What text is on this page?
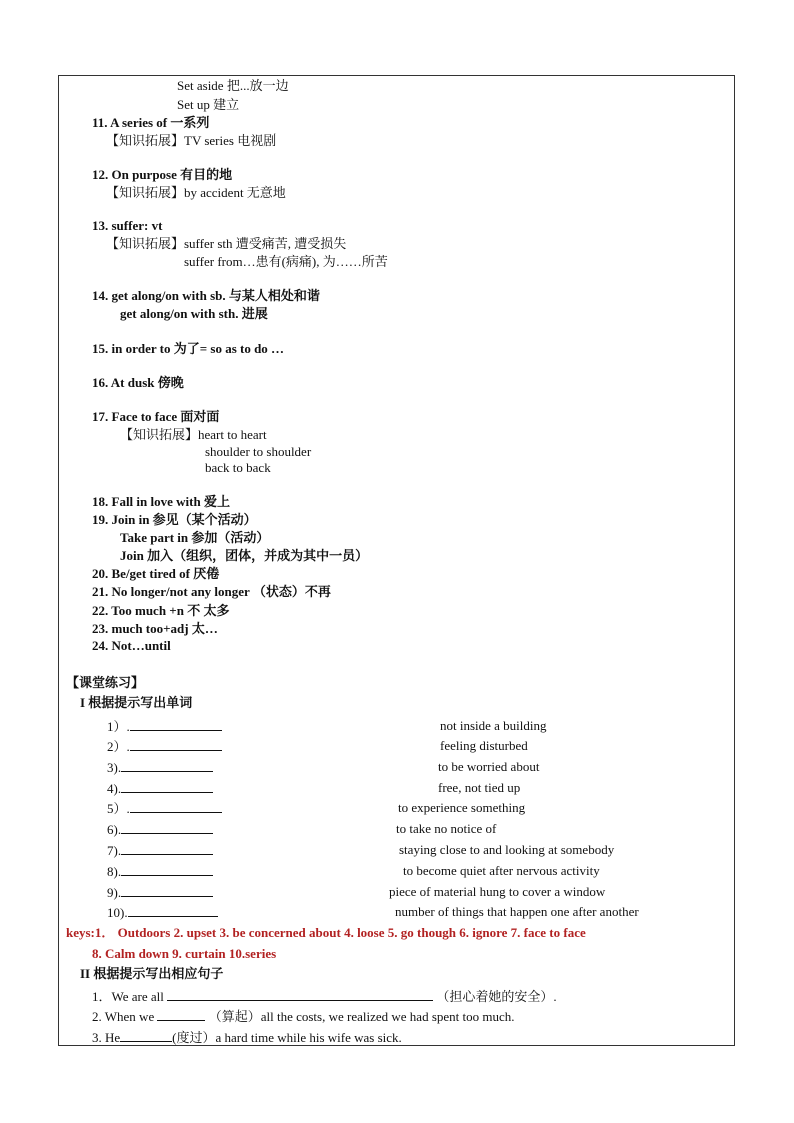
Set aside 把...放一边
Set up 建立
11. A series of 一系列
【知识拓展】TV series 电视剧
12. On purpose 有目的地
【知识拓展】by accident 无意地
13. suffer: vt
【知识拓展】suffer sth 遭受痛苦, 遭受损失
suffer from…患有(病痛), 为……所苦
14. get along/on with sb. 与某人相处和谐
get along/on with sth. 进展
15. in order to 为了= so as to do …
16. At dusk 傍晚
17. Face to face 面对面
【知识拓展】heart to heart
shoulder to shoulder
back to back
18. Fall in love with 爱上
19. Join in 参见（某个活动）
Take part in 参加（活动）
Join 加入（组织，团体，并成为其中一员）
20. Be/get tired of 厌倦
21. No longer/not any longer （状态）不再
22. Too much +n 不 太多
23. much too+adj 太…
24. Not…until
【课堂练习】
I 根据提示写出单词
1）.	not inside a building
2）.	feeling disturbed
3).	to be worried about
4).	free, not tied up
5）.	to experience something
6).	to take no notice of
7).	staying close to and looking at somebody
8).	to become quiet after nervous activity
9).	piece of material hung to cover a window
10).	number of things that happen one after another
keys:1． Outdoors 2. upset 3. be concerned about 4. loose 5. go though 6. ignore 7. face to face
8. Calm down 9. curtain 10.series
II 根据提示写出相应句子
1．We are all	（担心着她的安全）.
2. When we	（算起）all the costs, we realized we had spent too much.
3. He	(度过）a hard time while his wife was sick.
